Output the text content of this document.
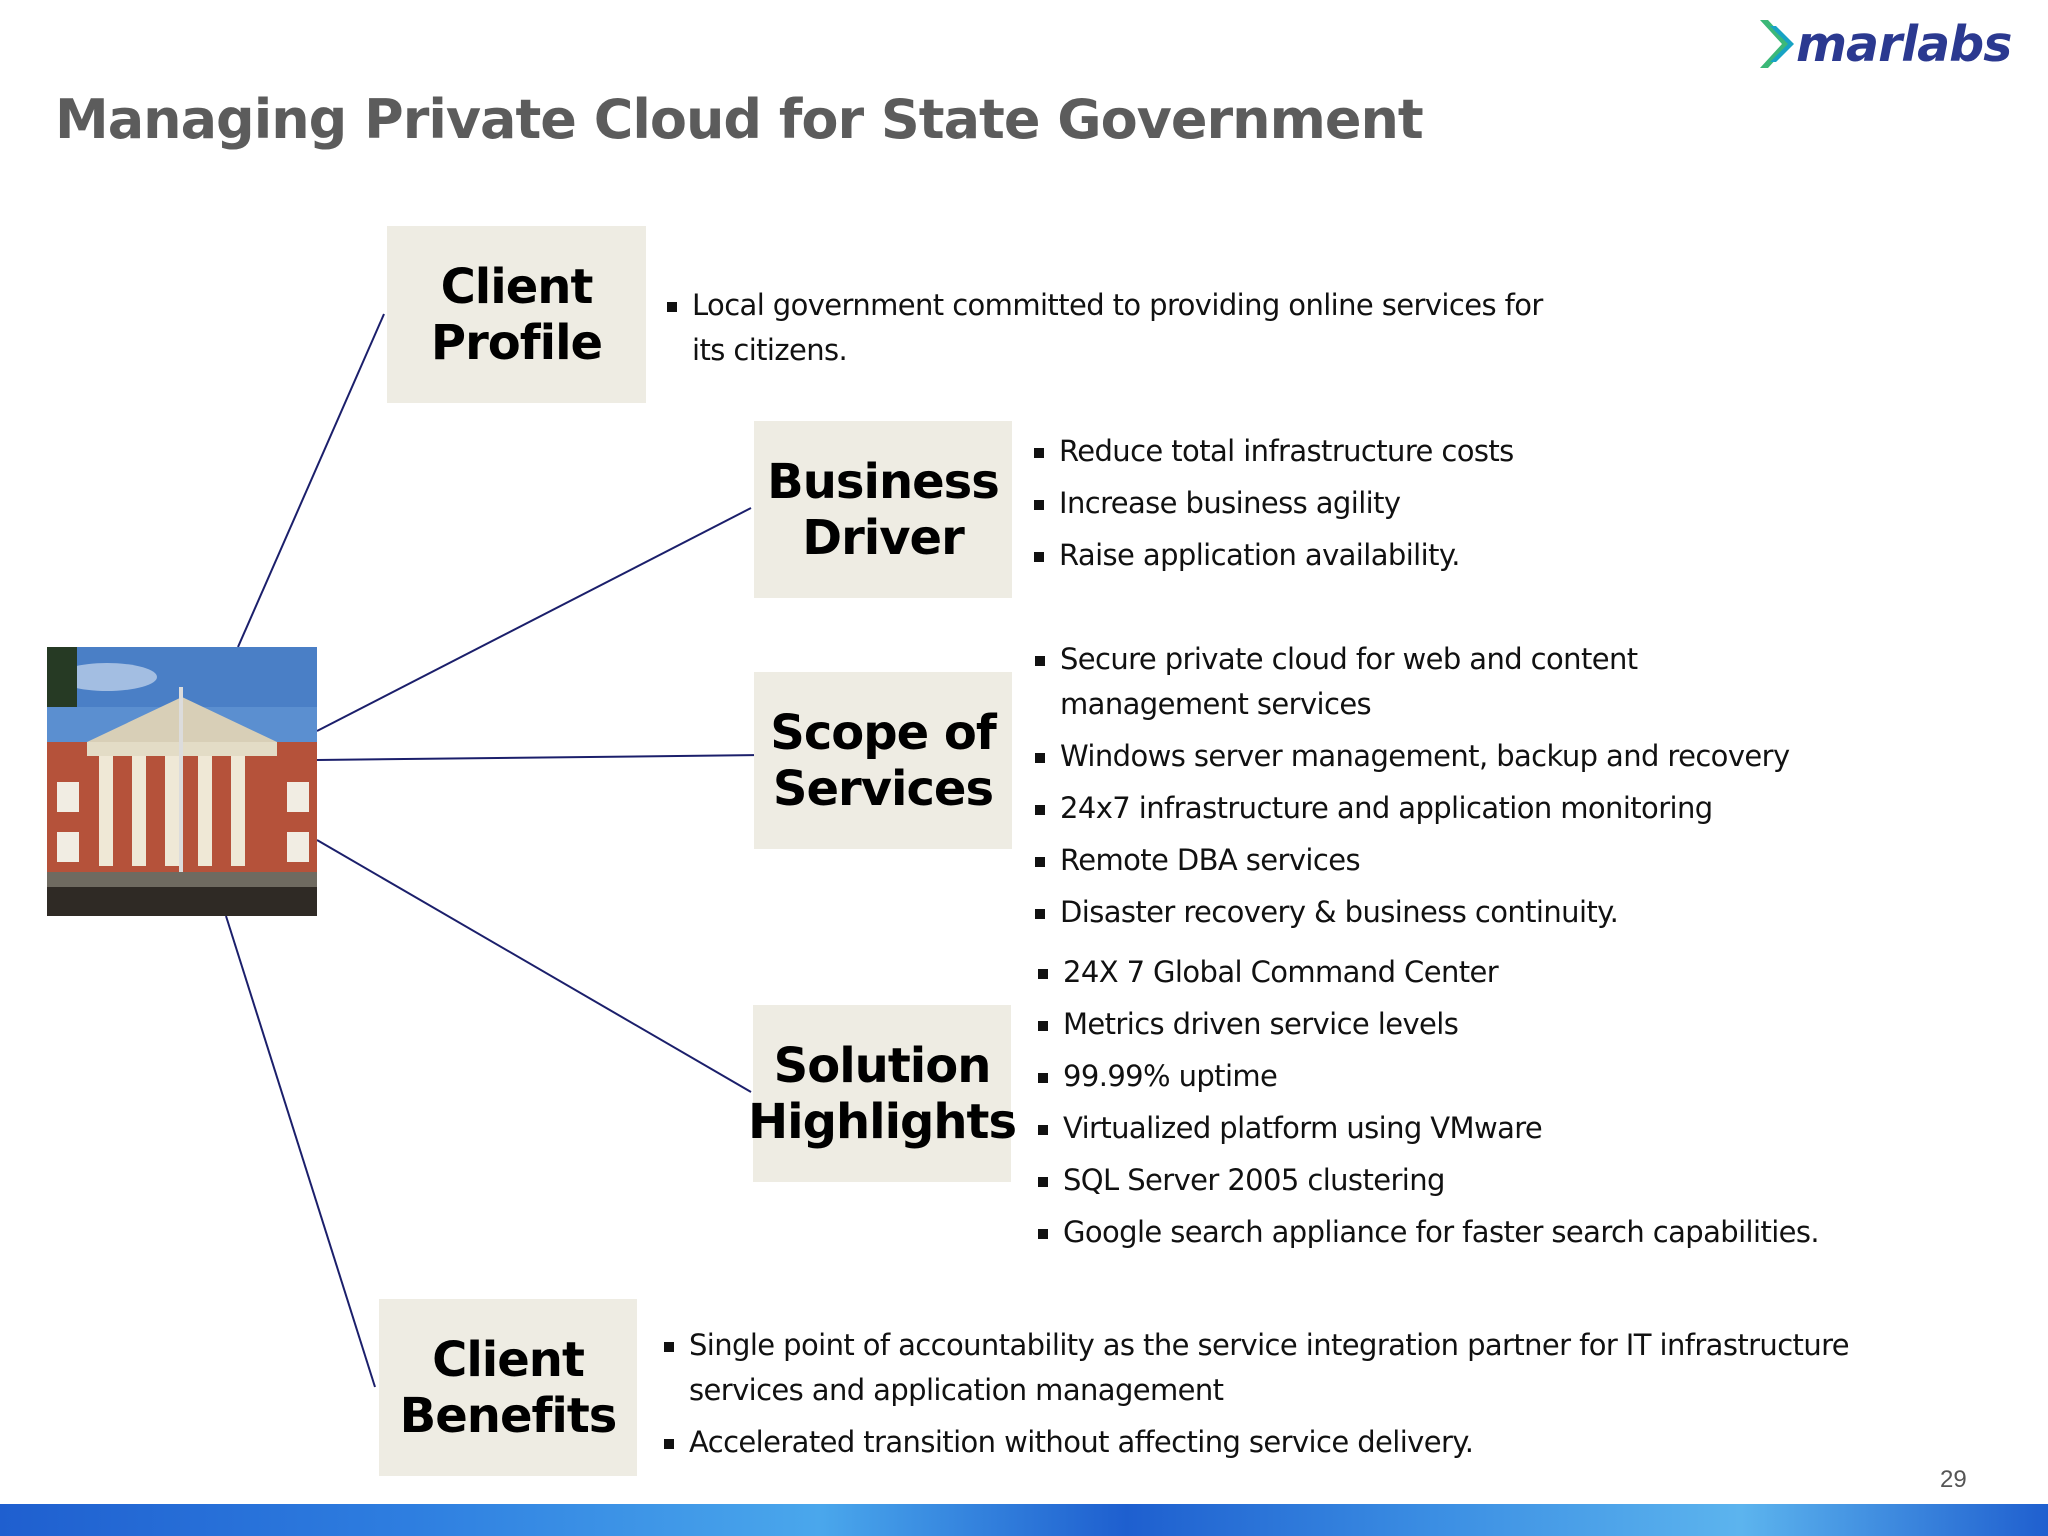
marlabs
Managing Private Cloud for State Government
Client
Profile
Business
Driver
Scope of
Services
Solution
Highlights
Client
Benefits
Local government committed to providing online services for its citizens.
Reduce total infrastructure costs
Increase business agility
Raise application availability.
Secure private cloud for web and content management services
Windows server management, backup and recovery
24x7 infrastructure and application monitoring
Remote DBA services
Disaster recovery & business continuity.
24X 7 Global Command Center
Metrics driven service levels
99.99% uptime
Virtualized platform using VMware
SQL Server 2005 clustering
Google search appliance for faster search capabilities.
Single point of accountability as the service integration partner for IT infrastructure services and application management
Accelerated transition without affecting service delivery.
29
